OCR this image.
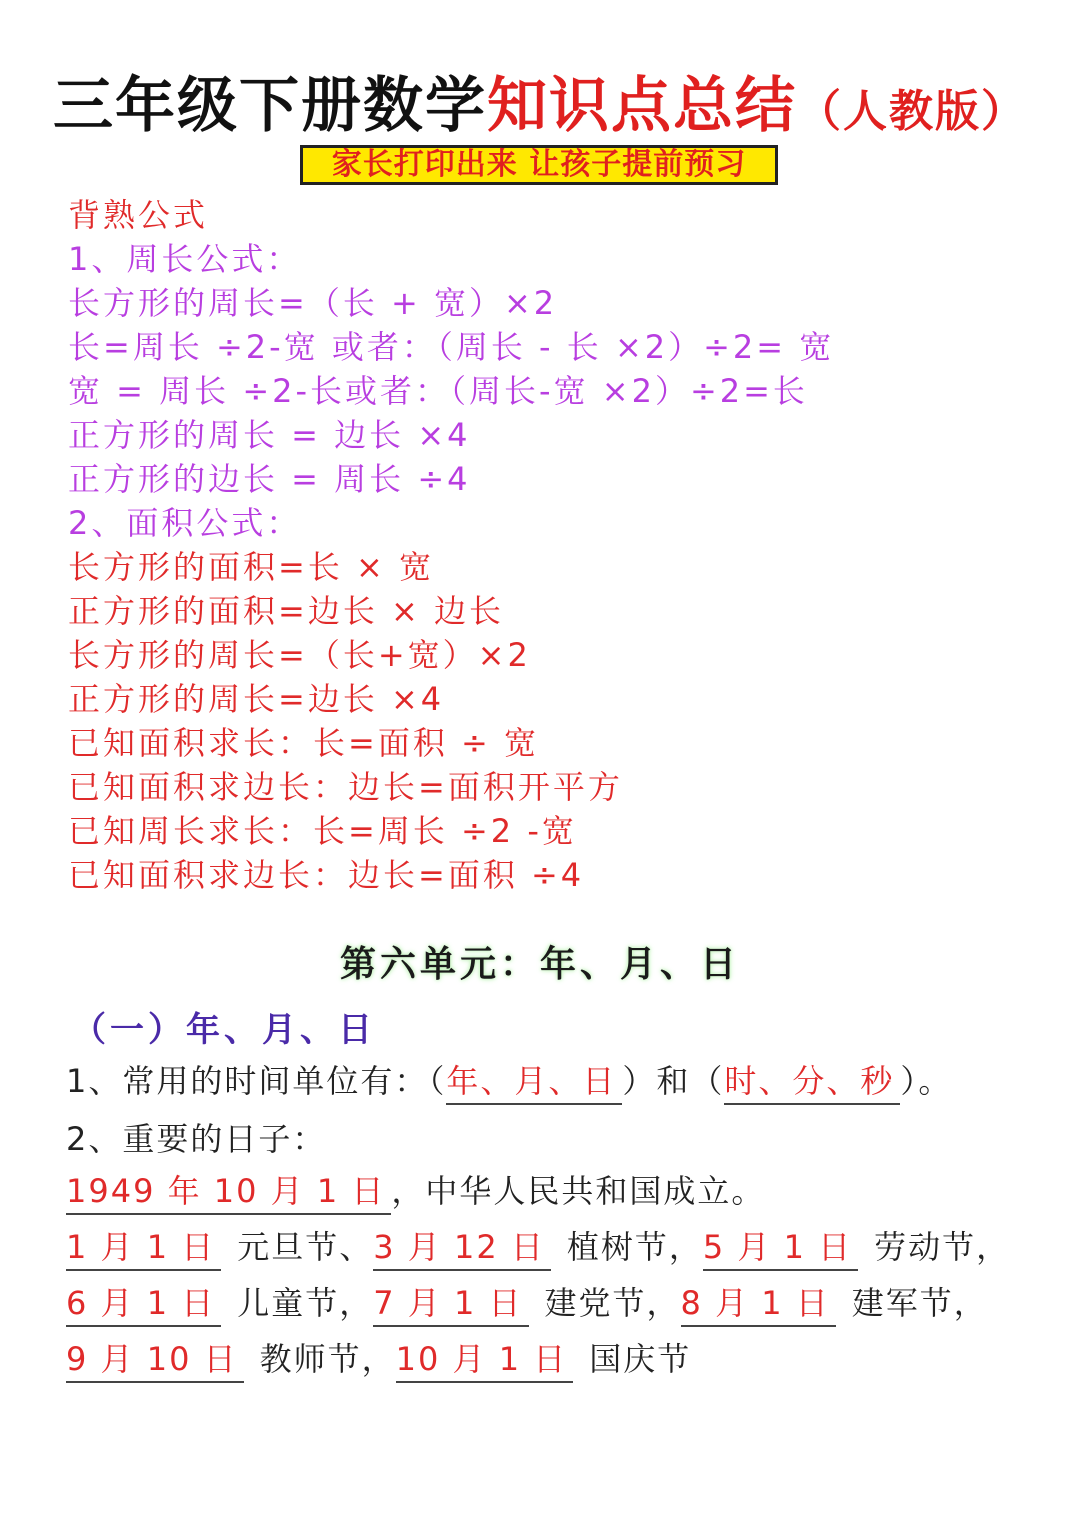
三年级下册数学知识点总结（人教版）
家长打印出来 让孩子提前预习
背熟公式
1、周长公式：
长方形的周长=（长 + 宽）×2
长=周长 ÷2-宽 或者：（周长 - 长 ×2）÷2= 宽
宽 = 周长 ÷2-长或者：（周长-宽 ×2）÷2=长
正方形的周长 = 边长 ×4
正方形的边长 = 周长 ÷4
2、面积公式：
长方形的面积=长 × 宽
正方形的面积=边长 × 边长
长方形的周长=（长+宽）×2
正方形的周长=边长 ×4
已知面积求长：长=面积 ÷ 宽
已知面积求边长：边长=面积开平方
已知周长求长：长=周长 ÷2 -宽
已知面积求边长：边长=面积 ÷4
第六单元：年、月、日
（一）年、月、日
1、常用的时间单位有：（年、月、日 ）和（时、分、秒 ）。
2、重要的日子：
1949 年 10 月 1 日 ，中华人民共和国成立。
1 月 1 日 元旦节、3 月 12 日 植树节，5 月 1 日 劳动节，
6 月 1 日 儿童节，7 月 1 日 建党节，8 月 1 日 建军节，
9 月 10 日 教师节，10 月 1 日 国庆节
